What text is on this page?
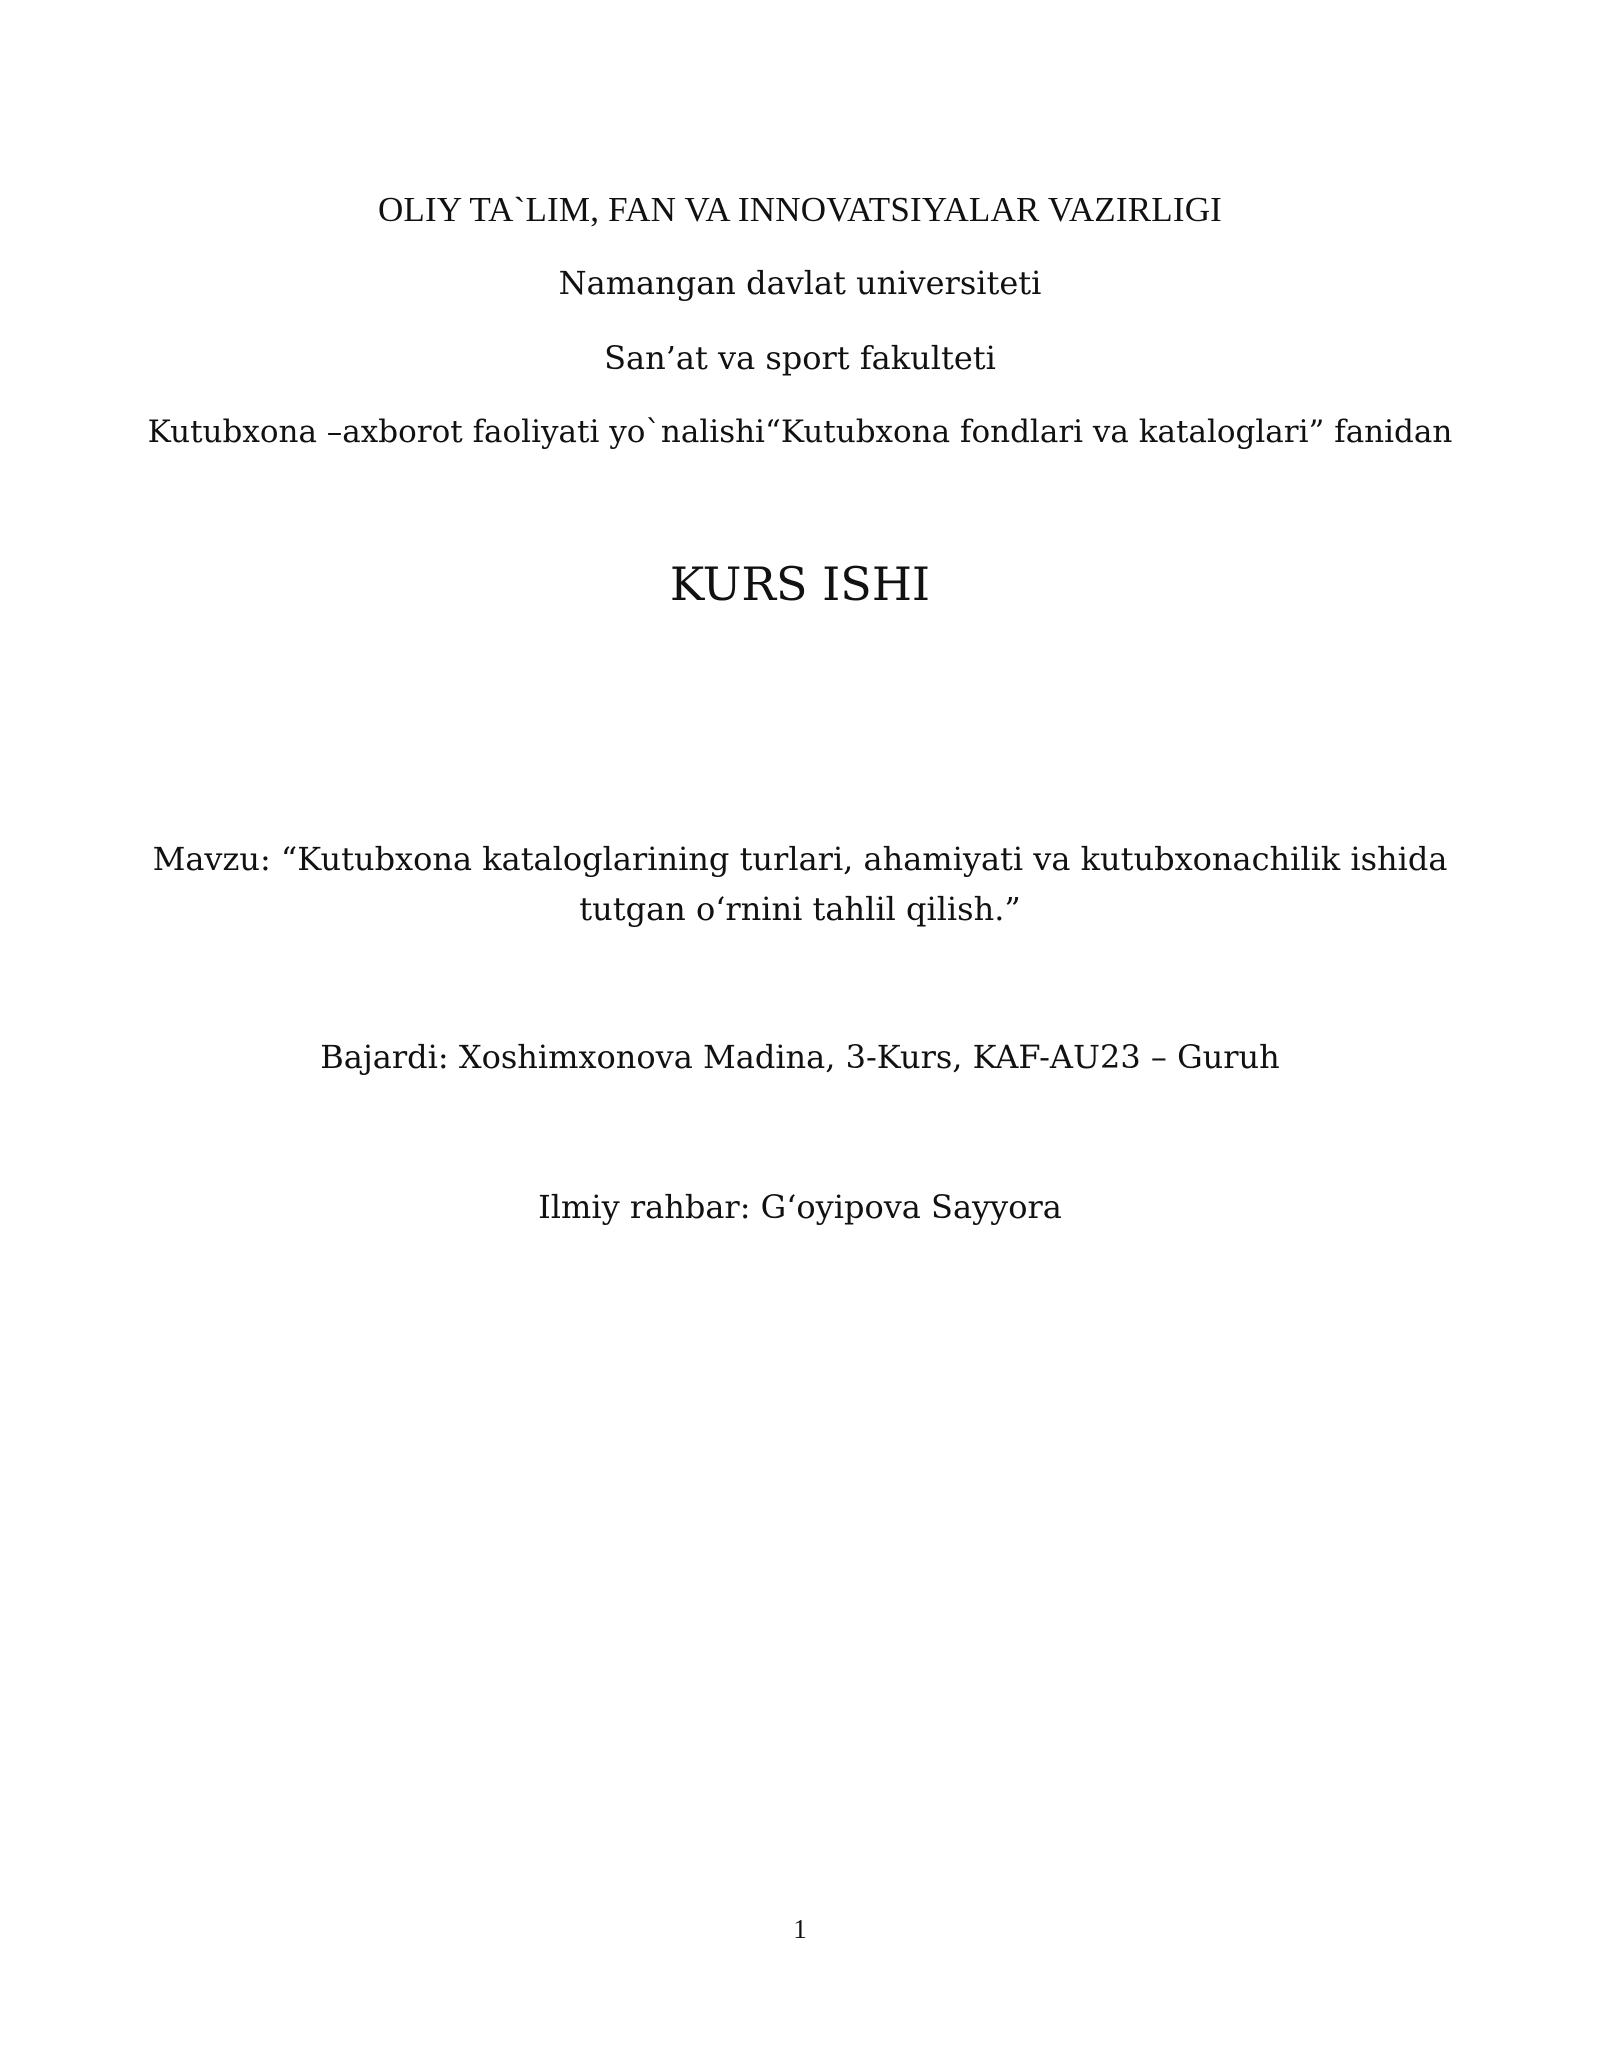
OLIY TA`LIM, FAN VA INNOVATSIYALAR VAZIRLIGI
Namangan davlat universiteti
San’at va sport fakulteti
Kutubxona –axborot faoliyati yo`nalishi“Kutubxona fondlari va kataloglari” fanidan
KURS ISHI
Mavzu: “Kutubxona kataloglarining turlari, ahamiyati va kutubxonachilik ishida
tutgan o‘rnini tahlil qilish.”
Bajardi: Xoshimxonova Madina, 3-Kurs, KAF-AU23 – Guruh
Ilmiy rahbar: G‘oyipova Sayyora
1
